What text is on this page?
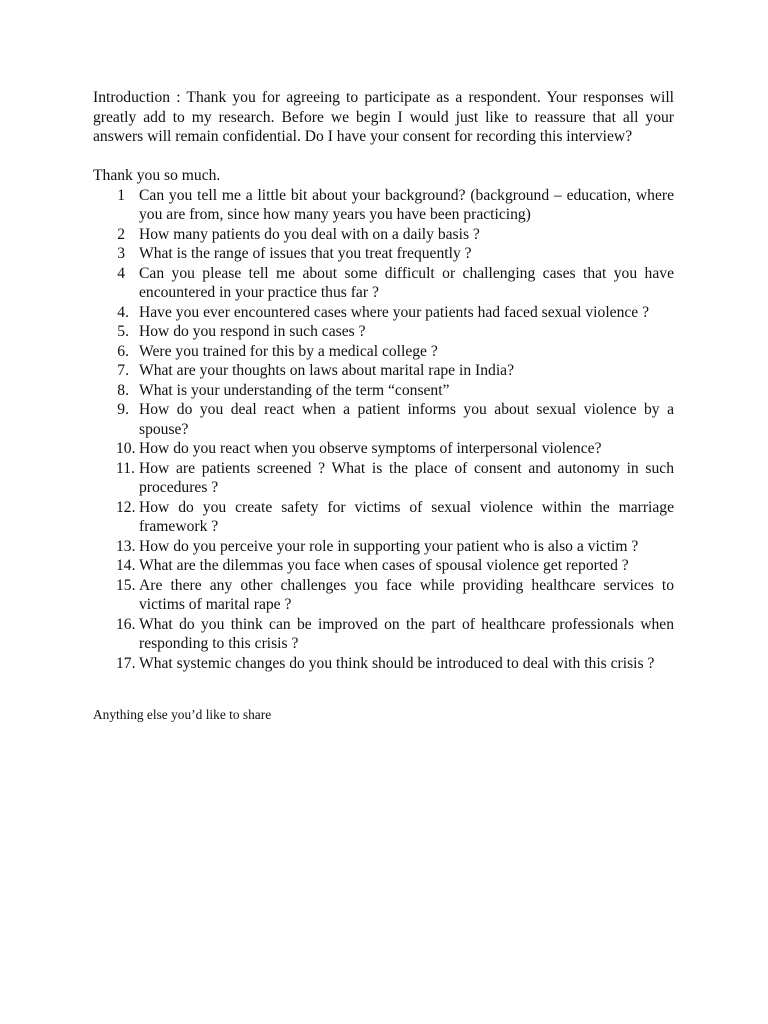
Introduction : Thank you for agreeing to participate as a respondent. Your responses will greatly add to my research. Before we begin I would just like to reassure that all your answers will remain confidential. Do I have your consent for recording this interview?

Thank you so much.

1 Can you tell me a little bit about your background? (background – education, where you are from, since how many years you have been practicing)
2 How many patients do you deal with on a daily basis ?
3 What is the range of issues that you treat frequently ?
4 Can you please tell me about some difficult or challenging cases that you have encountered in your practice thus far ?
4. Have you ever encountered cases where your patients had faced sexual violence ?
5. How do you respond in such cases ?
6. Were you trained for this by a medical college ?
7. What are your thoughts on laws about marital rape in India?
8. What is your understanding of the term “consent”
9. How do you deal react when a patient informs you about sexual violence by a spouse?
10. How do you react when you observe symptoms of interpersonal violence?
11. How are patients screened ? What is the place of consent and autonomy in such procedures ?
12. How do you create safety for victims of sexual violence within the marriage framework ?
13. How do you perceive your role in supporting your patient who is also a victim ?
14. What are the dilemmas you face when cases of spousal violence get reported ?
15. Are there any other challenges you face while providing healthcare services to victims of marital rape ?
16. What do you think can be improved on the part of healthcare professionals when responding to this crisis ?
17. What systemic changes do you think should be introduced to deal with this crisis ?

Anything else you’d like to share
